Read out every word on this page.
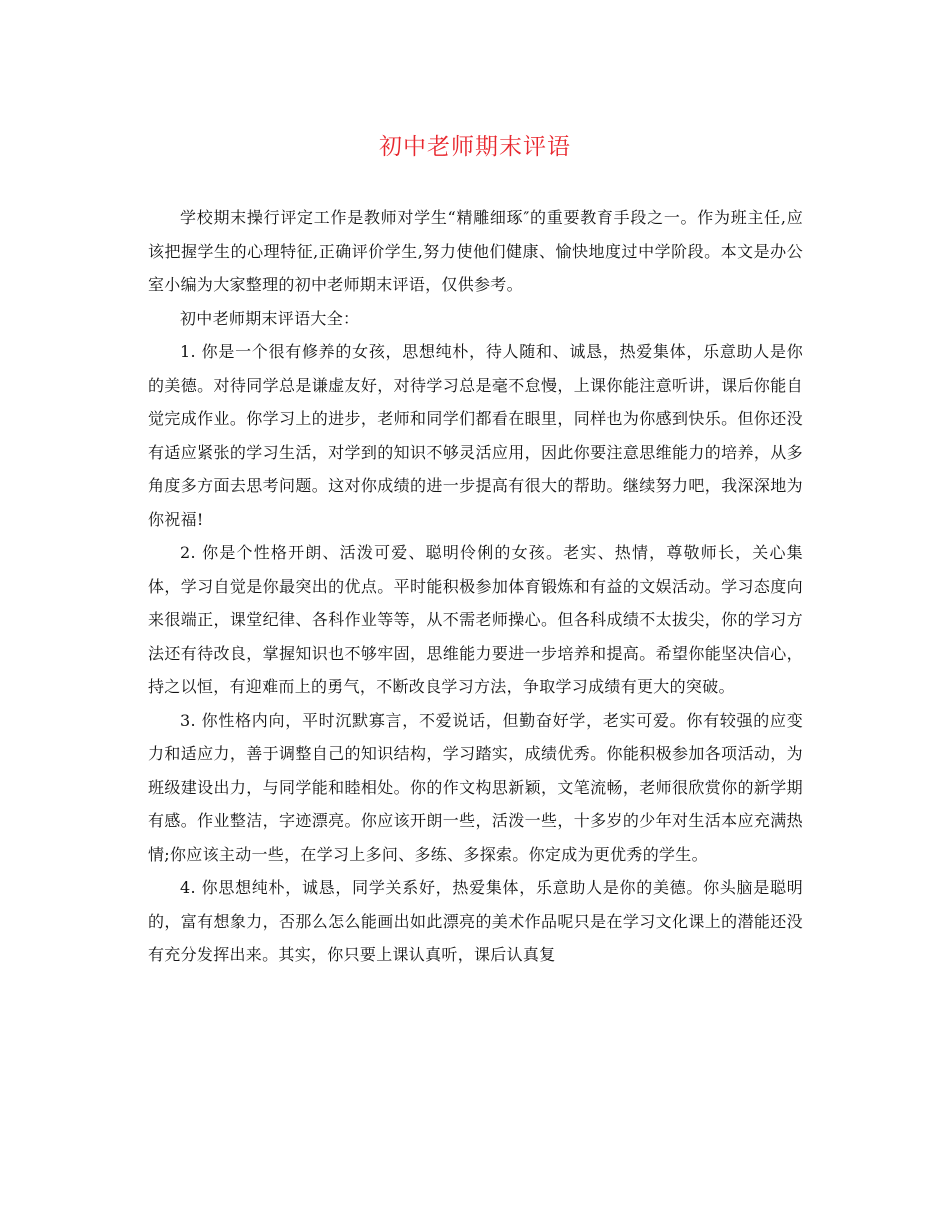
初中老师期末评语

学校期末操行评定工作是教师对学生“精雕细琢″的重要教育手段之一。作为班主任,应该把握学生的心理特征,正确评价学生,努力使他们健康、愉快地度过中学阶段。本文是办公室小编为大家整理的初中老师期末评语，仅供参考。

初中老师期末评语大全：

1. 你是一个很有修养的女孩，思想纯朴，待人随和、诚恳，热爱集体，乐意助人是你的美德。对待同学总是谦虚友好，对待学习总是毫不怠慢，上课你能注意听讲，课后你能自觉完成作业。你学习上的进步，老师和同学们都看在眼里，同样也为你感到快乐。但你还没有适应紧张的学习生活，对学到的知识不够灵活应用，因此你要注意思维能力的培养，从多角度多方面去思考问题。这对你成绩的进一步提高有很大的帮助。继续努力吧，我深深地为你祝福!

2. 你是个性格开朗、活泼可爱、聪明伶俐的女孩。老实、热情，尊敬师长，关心集体，学习自觉是你最突出的优点。平时能积极参加体育锻炼和有益的文娱活动。学习态度向来很端正，课堂纪律、各科作业等等，从不需老师操心。但各科成绩不太拔尖，你的学习方法还有待改良，掌握知识也不够牢固，思维能力要进一步培养和提高。希望你能坚决信心，持之以恒，有迎难而上的勇气，不断改良学习方法，争取学习成绩有更大的突破。

3. 你性格内向，平时沉默寡言，不爱说话，但勤奋好学，老实可爱。你有较强的应变力和适应力，善于调整自己的知识结构，学习踏实，成绩优秀。你能积极参加各项活动，为班级建设出力，与同学能和睦相处。你的作文构思新颖，文笔流畅，老师很欣赏你的新学期有感。作业整洁，字迹漂亮。你应该开朗一些，活泼一些，十多岁的少年对生活本应充满热情;你应该主动一些，在学习上多问、多练、多探索。你定成为更优秀的学生。

4. 你思想纯朴，诚恳，同学关系好，热爱集体，乐意助人是你的美德。你头脑是聪明的，富有想象力，否那么怎么能画出如此漂亮的美术作品呢只是在学习文化课上的潜能还没有充分发挥出来。其实，你只要上课认真听，课后认真复
